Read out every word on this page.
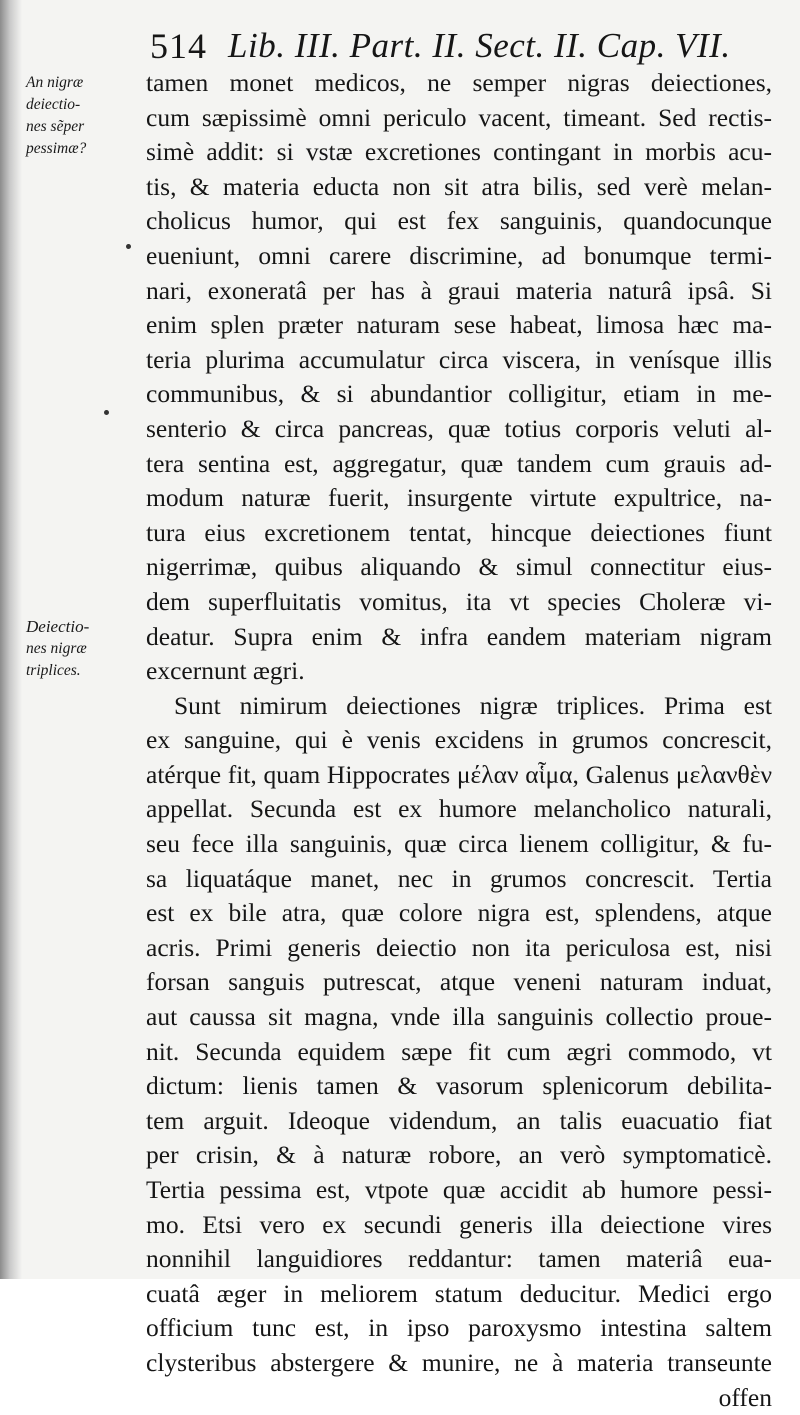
514 Lib. III. Part. II. Sect. II. Cap. VII.
An nigræ
deiectio-
nes sẽper
pessimæ?
Deiectio-
nes nigræ
triplices.
tamen monet medicos, ne semper nigras deiectiones,
cum sæpissimè omni periculo vacent, timeant. Sed rectis-
simè addit: si vstæ excretiones contingant in morbis acu-
tis, & materia educta non sit atra bilis, sed verè melan-
cholicus humor, qui est fex sanguinis, quandocunque
eueniunt, omni carere discrimine, ad bonumque termi-
nari, exoneratâ per has à graui materia naturâ ipsâ. Si
enim splen præter naturam sese habeat, limosa hæc ma-
teria plurima accumulatur circa viscera, in venísque illis
communibus, & si abundantior colligitur, etiam in me-
senterio & circa pancreas, quæ totius corporis veluti al-
tera sentina est, aggregatur, quæ tandem cum grauis ad-
modum naturæ fuerit, insurgente virtute expultrice, na-
tura eius excretionem tentat, hincque deiectiones fiunt
nigerrimæ, quibus aliquando & simul connectitur eius-
dem superfluitatis vomitus, ita vt species Choleræ vi-
deatur. Supra enim & infra eandem materiam nigram
excernunt ægri.
Sunt nimirum deiectiones nigræ triplices. Prima est
ex sanguine, qui è venis excidens in grumos concrescit,
atérque fit, quam Hippocrates μέλαν αἷμα, Galenus μελανθὲν
appellat. Secunda est ex humore melancholico naturali,
seu fece illa sanguinis, quæ circa lienem colligitur, & fu-
sa liquatáque manet, nec in grumos concrescit. Tertia
est ex bile atra, quæ colore nigra est, splendens, atque
acris. Primi generis deiectio non ita periculosa est, nisi
forsan sanguis putrescat, atque veneni naturam induat,
aut caussa sit magna, vnde illa sanguinis collectio proue-
nit. Secunda equidem sæpe fit cum ægri commodo, vt
dictum: lienis tamen & vasorum splenicorum debilita-
tem arguit. Ideoque videndum, an talis euacuatio fiat
per crisin, & à naturæ robore, an verò symptomaticè.
Tertia pessima est, vtpote quæ accidit ab humore pessi-
mo. Etsi vero ex secundi generis illa deiectione vires
nonnihil languidiores reddantur: tamen materiâ eua-
cuatâ æger in meliorem statum deducitur. Medici ergo
officium tunc est, in ipso paroxysmo intestina saltem
clysteribus abstergere & munire, ne à materia transeunte
offen
